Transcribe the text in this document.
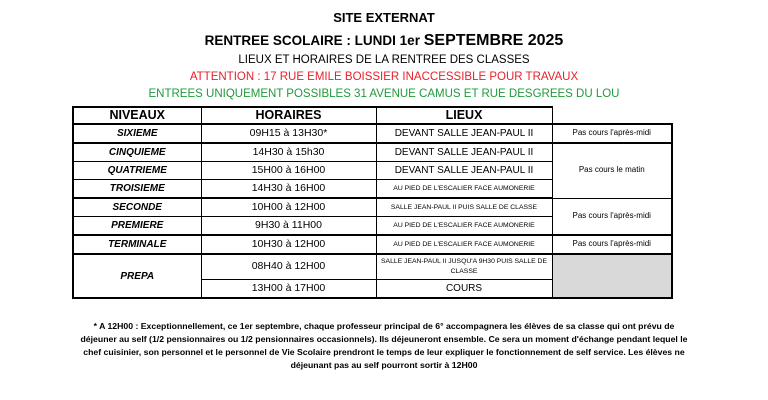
SITE EXTERNAT
RENTREE SCOLAIRE : LUNDI 1er SEPTEMBRE 2025
LIEUX ET HORAIRES DE LA RENTREE DES CLASSES
ATTENTION : 17 RUE EMILE BOISSIER INACCESSIBLE POUR TRAVAUX
ENTREES UNIQUEMENT POSSIBLES 31 AVENUE CAMUS ET RUE DESGREES DU LOU
NIVEAUX	HORAIRES	LIEUX	
SIXIEME	09H15 à 13H30*	DEVANT SALLE JEAN-PAUL II	Pas cours l'après-midi
CINQUIEME	14H30 à 15h30	DEVANT SALLE JEAN-PAUL II	Pas cours le matin
QUATRIEME	15H00 à 16H00	DEVANT SALLE JEAN-PAUL II	
TROISIEME	14H30 à 16H00	AU PIED DE L'ESCALIER FACE AUMONERIE	
SECONDE	10H00 à 12H00	SALLE JEAN-PAUL II PUIS SALLE DE CLASSE	Pas cours l'après-midi
PREMIERE	9H30 à 11H00	AU PIED DE L'ESCALIER FACE AUMONERIE	
TERMINALE	10H30 à 12H00	AU PIED DE L'ESCALIER FACE AUMONERIE	Pas cours l'après-midi
PREPA	08H40 à 12H00	SALLE JEAN-PAUL II JUSQU'A 9H30 PUIS SALLE DE CLASSE	
	13H00 à 17H00	COURS	
* A 12H00 : Exceptionnellement, ce 1er septembre, chaque professeur principal de 6° accompagnera les élèves de sa classe qui ont prévu de déjeuner au self (1/2 pensionnaires ou 1/2 pensionnaires occasionnels). Ils déjeuneront ensemble. Ce sera un moment d'échange pendant lequel le chef cuisinier, son personnel et le personnel de Vie Scolaire prendront le temps de leur expliquer le fonctionnement de self service. Les élèves ne déjeunant pas au self pourront sortir à 12H00
